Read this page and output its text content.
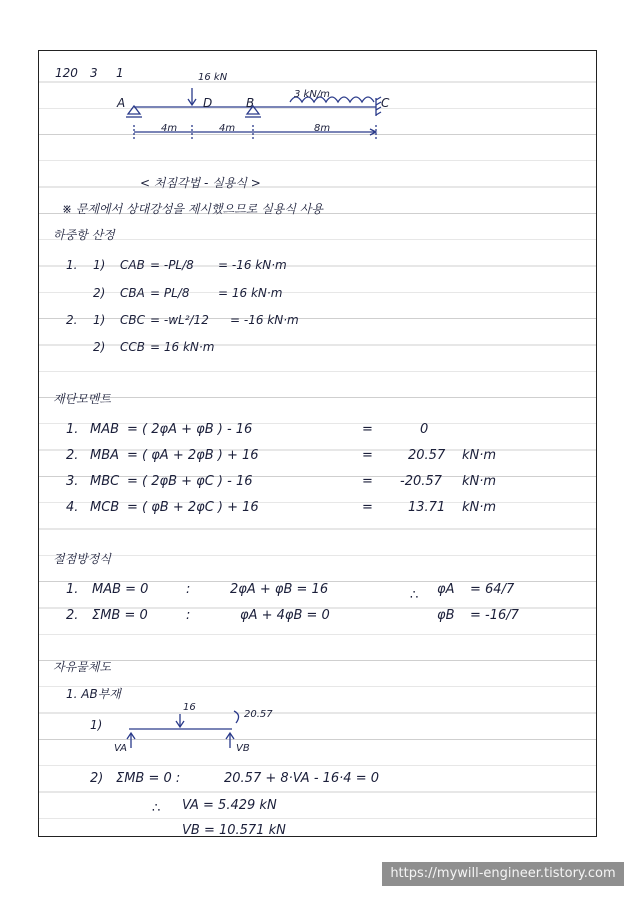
120 3 1	16 kN
3 kN/m
A	D	B	C
4m	4m	8m
< 처짐각법 - 실용식 >
※ 문제에서 상대강성을 제시했으므로 실용식 사용
하중항 산정
1. 1) CAB = -PL/8 = -16 kN·m
2) CBA = PL/8 = 16 kN·m
2. 1) CBC = -wL²/12 = -16 kN·m
2) CCB = 16 kN·m
재단모멘트
1. MAB = ( 2φA + φB ) - 16	=	0
2. MBA = ( φA + 2φB ) + 16	=	20.57 kN·m
3. MBC = ( 2φB + φC ) - 16	= -20.57 kN·m
4. MCB = ( φB + 2φC ) + 16	=	13.71 kN·m
절점방정식
1. MAB = 0	:	2φA + φB = 16	∴ φA = 64/7
2. ΣMB = 0	:	φA + 4φB = 0	φB = -16/7
자유물체도
1. AB부재
1)
16
20.57
VA	VB
2) ΣMB = 0 :	20.57 + 8·VA - 16·4 = 0
∴ VA = 5.429 kN
VB = 10.571 kN
https://mywill-engineer.tistory.com
